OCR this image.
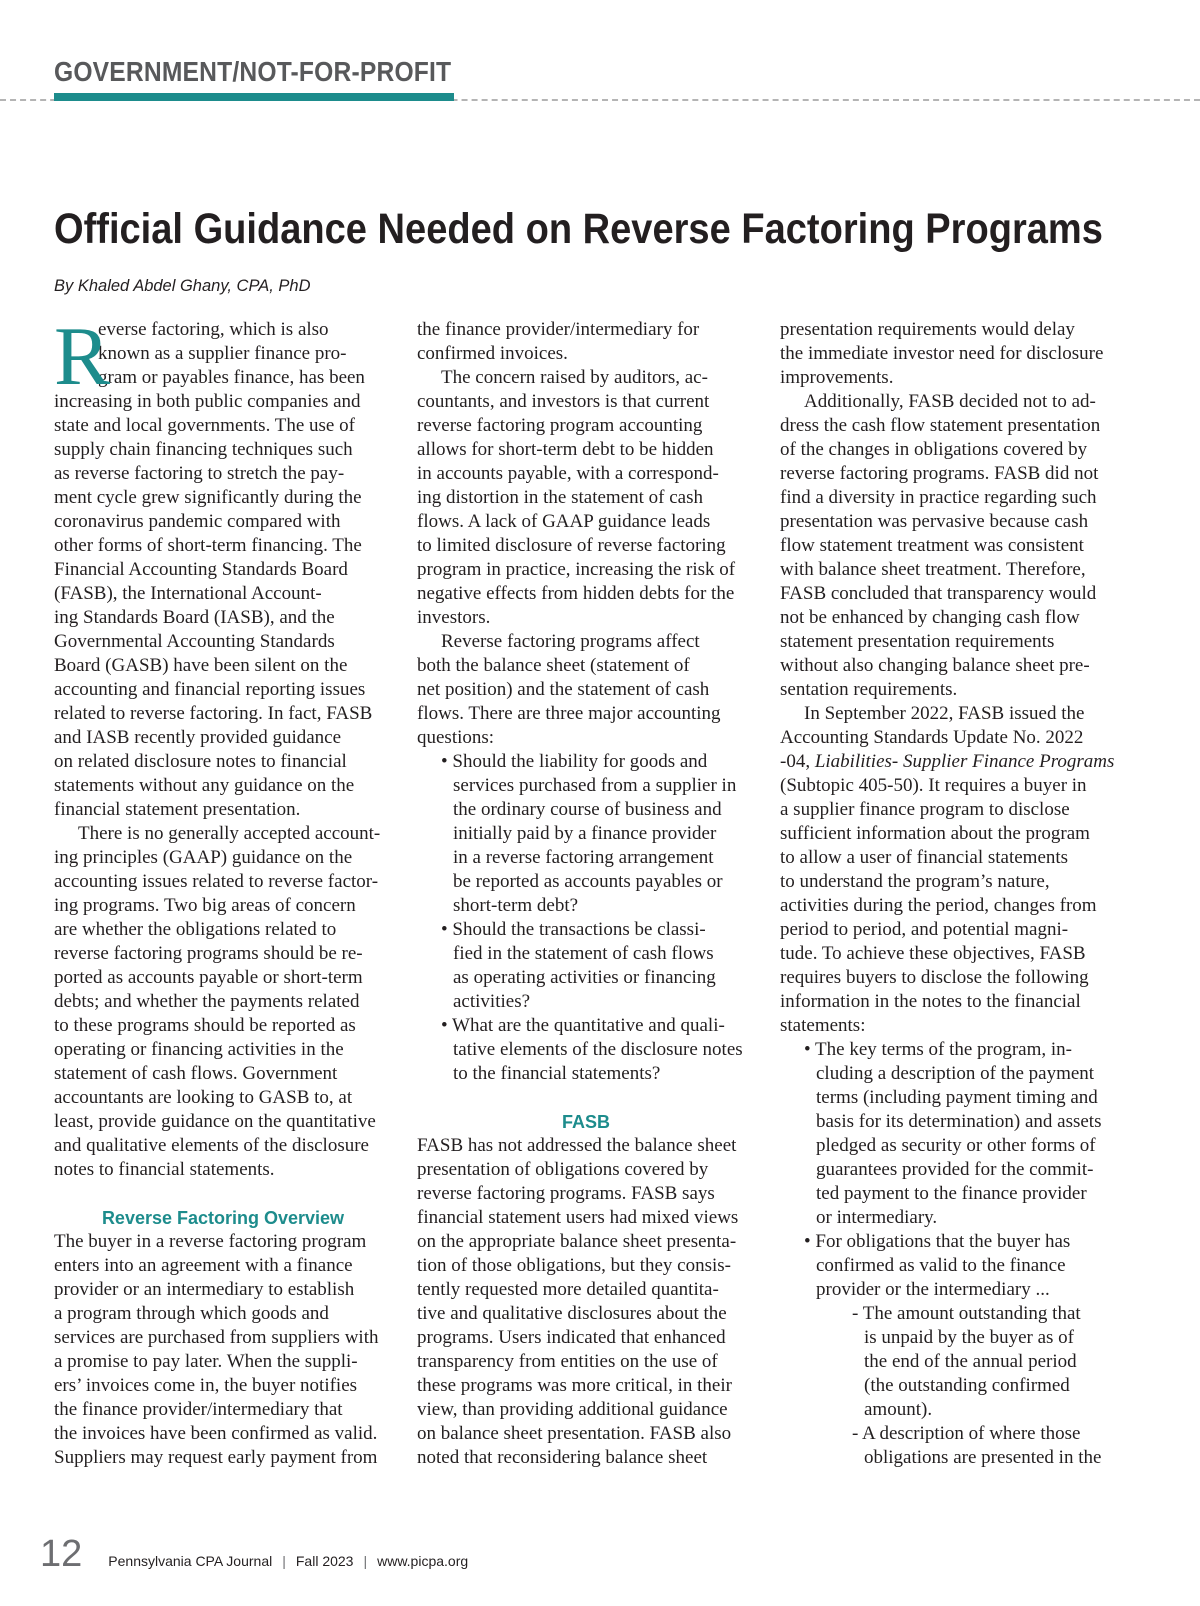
GOVERNMENT/NOT-FOR-PROFIT
Official Guidance Needed on Reverse Factoring Programs
By Khaled Abdel Ghany, CPA, PhD
R
everse factoring, which is also
known as a supplier finance pro-
gram or payables finance, has been
increasing in both public companies and
state and local governments. The use of
supply chain financing techniques such
as reverse factoring to stretch the pay-
ment cycle grew significantly during the
coronavirus pandemic compared with
other forms of short-term financing. The
Financial Accounting Standards Board
(FASB), the International Account-
ing Standards Board (IASB), and the
Governmental Accounting Standards
Board (GASB) have been silent on the
accounting and financial reporting issues
related to reverse factoring. In fact, FASB
and IASB recently provided guidance
on related disclosure notes to financial
statements without any guidance on the
financial statement presentation.
There is no generally accepted account-
ing principles (GAAP) guidance on the
accounting issues related to reverse factor-
ing programs. Two big areas of concern
are whether the obligations related to
reverse factoring programs should be re-
ported as accounts payable or short-term
debts; and whether the payments related
to these programs should be reported as
operating or financing activities in the
statement of cash flows. Government
accountants are looking to GASB to, at
least, provide guidance on the quantitative
and qualitative elements of the disclosure
notes to financial statements.
Reverse Factoring Overview
The buyer in a reverse factoring program
enters into an agreement with a finance
provider or an intermediary to establish
a program through which goods and
services are purchased from suppliers with
a promise to pay later. When the suppli-
ers’ invoices come in, the buyer notifies
the finance provider/intermediary that
the invoices have been confirmed as valid.
Suppliers may request early payment from
the finance provider/intermediary for
confirmed invoices.
The concern raised by auditors, ac-
countants, and investors is that current
reverse factoring program accounting
allows for short-term debt to be hidden
in accounts payable, with a correspond-
ing distortion in the statement of cash
flows. A lack of GAAP guidance leads
to limited disclosure of reverse factoring
program in practice, increasing the risk of
negative effects from hidden debts for the
investors.
Reverse factoring programs affect
both the balance sheet (statement of
net position) and the statement of cash
flows. There are three major accounting
questions:
• Should the liability for goods and
services purchased from a supplier in
the ordinary course of business and
initially paid by a finance provider
in a reverse factoring arrangement
be reported as accounts payables or
short-term debt?
• Should the transactions be classi-
fied in the statement of cash flows
as operating activities or financing
activities?
• What are the quantitative and quali-
tative elements of the disclosure notes
to the financial statements?
FASB
FASB has not addressed the balance sheet
presentation of obligations covered by
reverse factoring programs. FASB says
financial statement users had mixed views
on the appropriate balance sheet presenta-
tion of those obligations, but they consis-
tently requested more detailed quantita-
tive and qualitative disclosures about the
programs. Users indicated that enhanced
transparency from entities on the use of
these programs was more critical, in their
view, than providing additional guidance
on balance sheet presentation. FASB also
noted that reconsidering balance sheet
presentation requirements would delay
the immediate investor need for disclosure
improvements.
Additionally, FASB decided not to ad-
dress the cash flow statement presentation
of the changes in obligations covered by
reverse factoring programs. FASB did not
find a diversity in practice regarding such
presentation was pervasive because cash
flow statement treatment was consistent
with balance sheet treatment. Therefore,
FASB concluded that transparency would
not be enhanced by changing cash flow
statement presentation requirements
without also changing balance sheet pre-
sentation requirements.
In September 2022, FASB issued the
Accounting Standards Update No. 2022
-04, Liabilities- Supplier Finance Programs
(Subtopic 405-50). It requires a buyer in
a supplier finance program to disclose
sufficient information about the program
to allow a user of financial statements
to understand the program’s nature,
activities during the period, changes from
period to period, and potential magni-
tude. To achieve these objectives, FASB
requires buyers to disclose the following
information in the notes to the financial
statements:
• The key terms of the program, in-
cluding a description of the payment
terms (including payment timing and
basis for its determination) and assets
pledged as security or other forms of
guarantees provided for the commit-
ted payment to the finance provider
or intermediary.
• For obligations that the buyer has
confirmed as valid to the finance
provider or the intermediary ...
- The amount outstanding that
is unpaid by the buyer as of
the end of the annual period
(the outstanding confirmed
amount).
- A description of where those
obligations are presented in the
12 Pennsylvania CPA Journal | Fall 2023 | www.picpa.org
